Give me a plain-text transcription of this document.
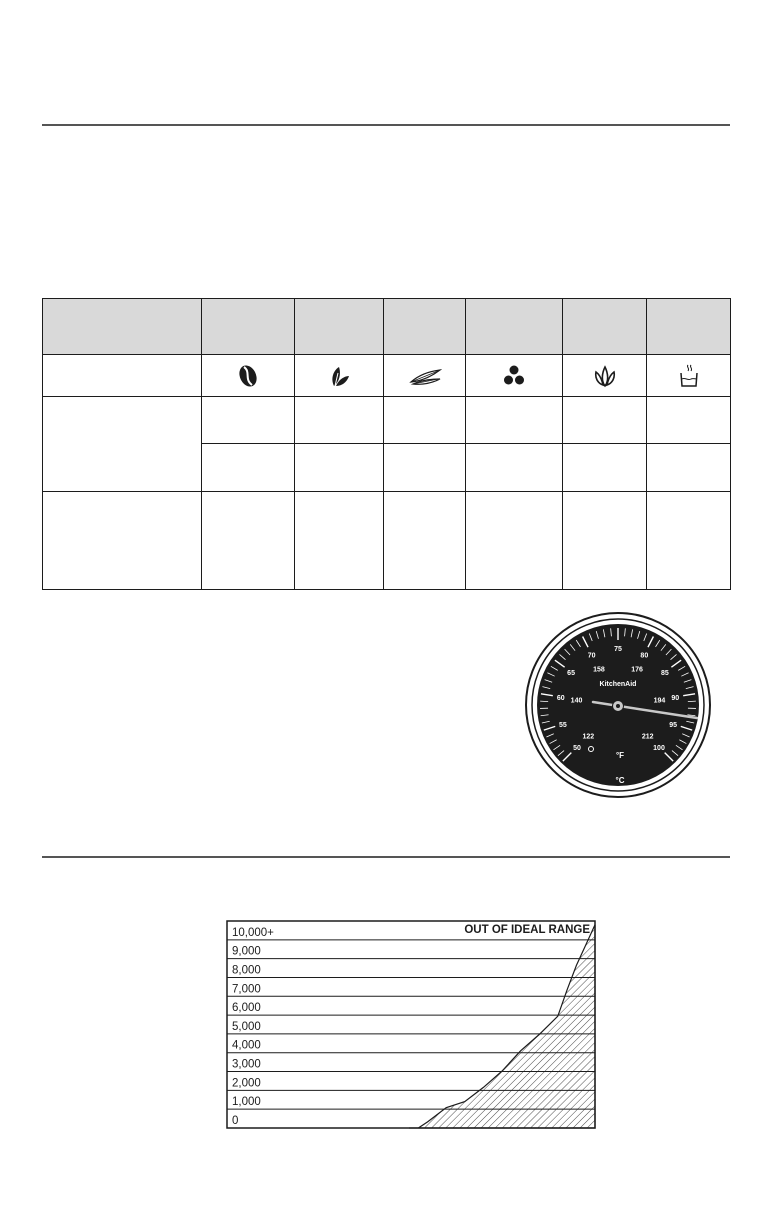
50
55
60
65
70
75
80
85
90
95
100
122
140
158	176
194
212
KitchenAid
°F
°C
10,000+
9,000
8,000
7,000
6,000
5,000
4,000
3,000
2,000
1,000
0
OUT OF IDEAL RANGE
